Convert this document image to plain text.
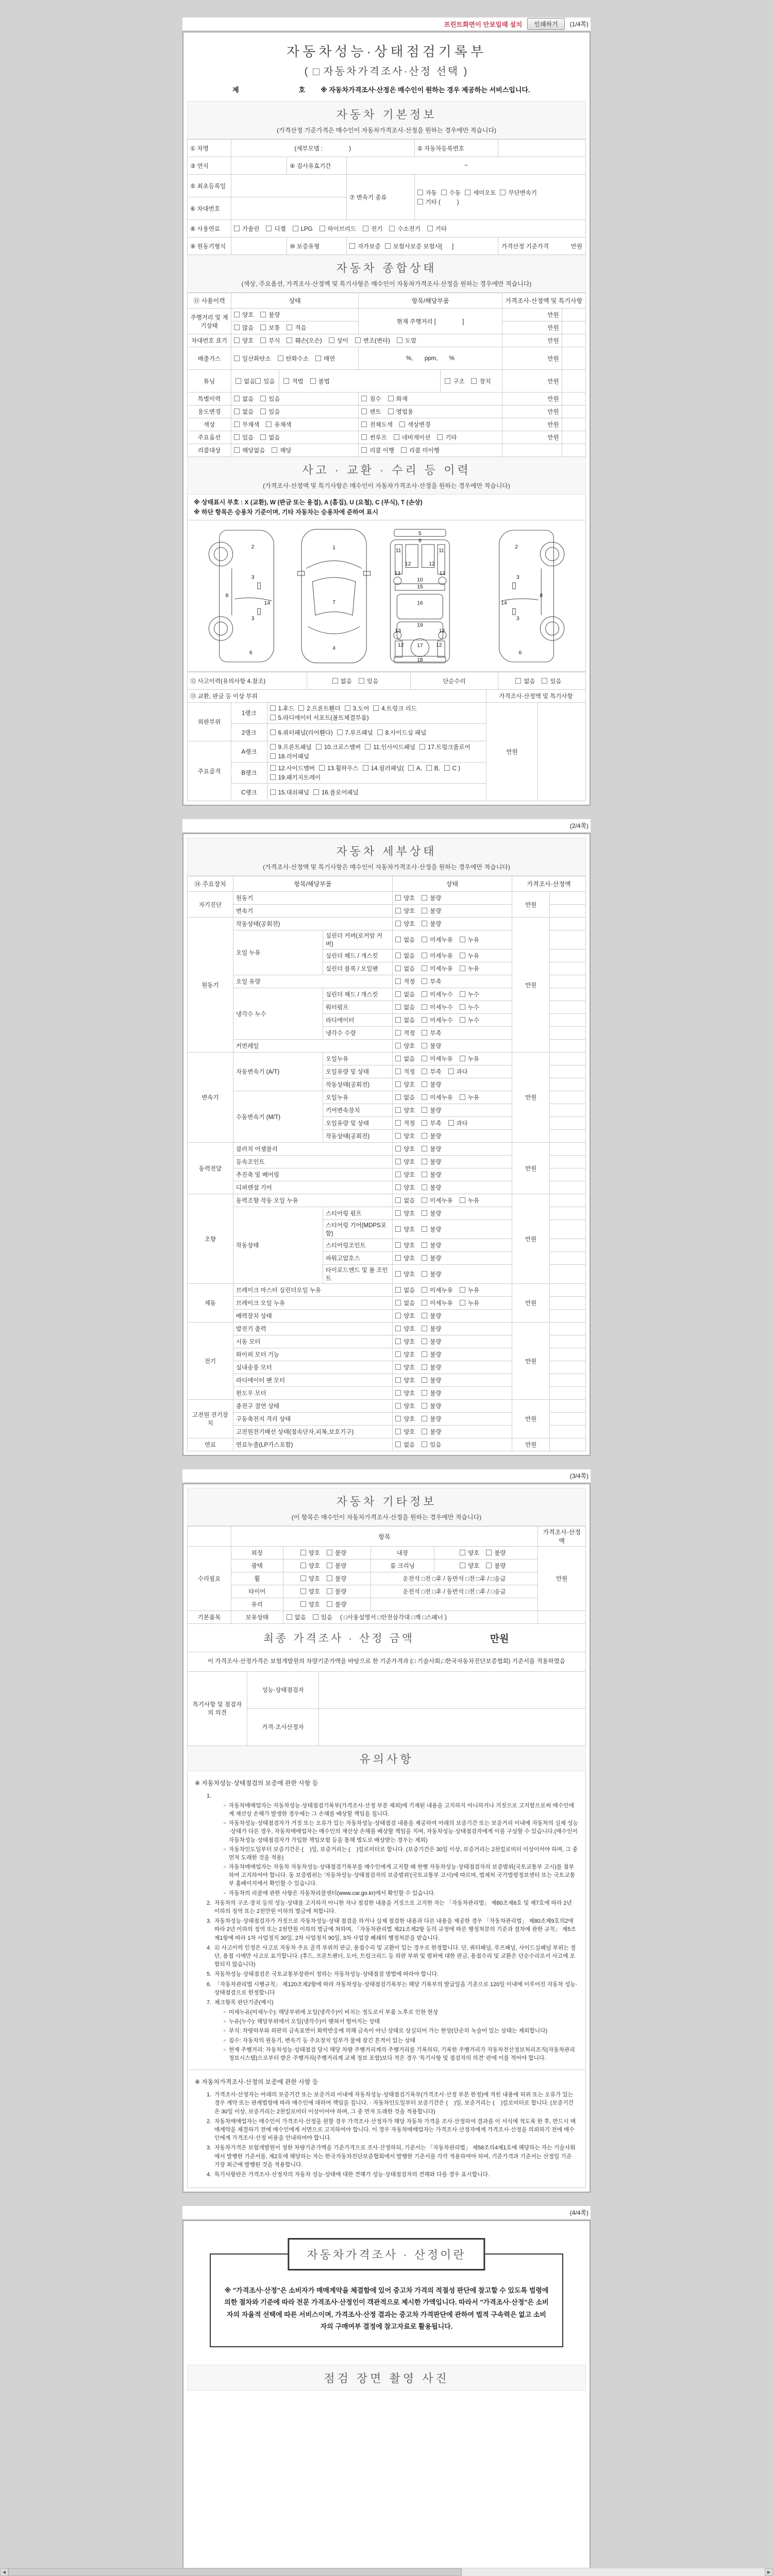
프린트화면이 안보일때 설치	인쇄하기	(1/4쪽)
자동차성능·상태점검기록부
( 자동차가격조사·산정 선택 )
제	호 ※ 자동차가격조사·산정은 매수인이 원하는 경우 제공하는 서비스입니다.
자동차 기본정보
(가격산정 기준가격은 매수인이 자동차가격조사·산정을 원하는 경우에만 적습니다)
① 차명	(세부모델 :                )			② 자동차등록번호	
③ 연식		④ 검사유효기간	~		
⑤ 최초등록일			⑦ 변속기 종류	자동 수동 세미오토 무단변속기기타 (          )	
⑥ 차대번호					
⑧ 사용연료	가솔린 디젤 LPG 하이브리드 전기 수소전기 기타				
⑨ 원동기형식		⑩ 보증유형	자가보증 보험사보증 보험사[      ]		가격산정 기준가격 만원
자동차 종합상태
(색상, 주요옵션, 가격조사·산정액 및 특기사항은 매수인이 자동차가격조사·산정을 원하는 경우에만 적습니다)
⑪ 사용이력	상태	항목/해당부품	가격조사·산정액 및 특기사항	
주행거리 및 계기상태	양호 불량	현재 주행거리 [                ]	만원	
	많음 보통 적음		만원	
차대번호 표기	양호 부식 훼손(오손) 상이 변조(변타) 도말		만원	
배출가스	일산화탄소 탄화수소 매연	%,       ppm,       %	만원	
튜닝	없음	있음	적법	불법	구조	장치	만원	
특별이력	없음 있음	침수 화재	만원	
용도변경	없음 있음	렌트 영업용	만원	
색상	무채색 유채색	전체도색 색상변경	만원	
주요옵션	있음 없음	썬루프 네비게이션 기타	만원	
리콜대상	해당없음 해당	리콜 이행 리콜 미이행		
사고 · 교환 · 수리 등 이력
(가격조사·산정액 및 특기사항은 매수인이 자동차가격조사·산정을 원하는 경우에만 적습니다)
※ 상태표시 부호 : X (교환), W (판금 또는 용접), A (흠집), U (요철), C (부식), T (손상)
※ 하단 항목은 승용차 기준이며, 기타 자동차는 승용차에 준하여 표시
2
8
3
14
3
6
1
7
4
5
9
11	11
12	12
13	13
10
15
16
19
13	13
12	12
17
18
2
8
3
14
3
6
⑫ 사고이력(유의사항 4.참조)	없음	있음	단순수리	없음	있음
⑬ 교환, 판금 등 이상 부위	가격조사·산정액 및 특기사항
외판부위	1랭크	1.후드 2.프론트휀더 3.도어 4.트렁크 리드5.라디에이터 서포트(볼트체결부품)	만원	
	2랭크	6.쿼터패널(리어휀다) 7.루프패널 8.사이드실 패널		
주요골격	A랭크	9.프론트패널 10.크로스멤버 11.인사이드패널 17.트렁크플로어18.리어패널		
	B랭크	12.사이드멤버 13.휠하우스 14.필러패널( A, B, C )19.패키지트레이		
	C랭크	15.대쉬패널 16.플로어패널		
(2/4쪽)
자동차 세부상태
(가격조사·산정액 및 특기사항은 매수인이 자동차가격조사·산정을 원하는 경우에만 적습니다)
⑭ 주요장치	항목/해당부품		상태	가격조사·산정액	
자기진단	원동기		양호 불량	만원	
	변속기		양호 불량		
원동기	작동상태(공회전)		양호 불량	만원	
	오일 누유	실린더 커버(로커암 커버)	없음 미세누유 누유		
		실린더 헤드 / 개스킷	없음 미세누유 누유		
		실린더 블록 / 오일팬	없음 미세누유 누유		
	오일 유량		적정 부족		
	냉각수 누수	실린더 헤드 / 개스킷	없음 미세누수 누수		
		워터펌프	없음 미세누수 누수		
		라디에이터	없음 미세누수 누수		
		냉각수 수량	적정 부족		
	커먼레일		양호 불량		
변속기	자동변속기 (A/T)	오일누유	없음 미세누유 누유	만원	
		오일유량 및 상태	적정 부족 과다		
		작동상태(공회전)	양호 불량		
	수동변속기 (M/T)	오일누유	없음 미세누유 누유		
		기어변속장치	양호 불량		
		오일유량 및 상태	적정 부족 과다		
		작동상태(공회전)	양호 불량		
동력전달	클러치 어셈블리		양호 불량	만원	
	등속조인트		양호 불량		
	추진축 및 베어링		양호 불량		
	디퍼렌셜 기어		양호 불량		
조향	동력조향 작동 오일 누유		없음 미세누유 누유	만원	
	작동상태	스티어링 펌프	양호 불량		
		스티어링 기어(MDPS포함)	양호 불량		
		스티어링조인트	양호 불량		
		파워고압호스	양호 불량		
		타이로드엔드 및 볼 조인트	양호 불량		
제동	브레이크 마스터 실린더오일 누유		없음 미세누유 누유	만원	
	브레이크 오일 누유		없음 미세누유 누유		
	배력장치 상태		양호 불량		
전기	발전기 출력		양호 불량	만원	
	시동 모터		양호 불량		
	와이퍼 모터 기능		양호 불량		
	실내송풍 모터		양호 불량		
	라디에이터 팬 모터		양호 불량		
	윈도우 모터		양호 불량		
고전원 전기장치	충전구 절연 상태		양호 불량	만원	
	구동축전지 격리 상태		양호 불량		
	고전원전기배선 상태(접속단자,피복,보호기구)		양호 불량		
연료	연료누출(LP가스포함)		없음 있음	만원	
(3/4쪽)
자동차 기타정보
(이 항목은 매수인이 자동차가격조사·산정을 원하는 경우에만 적습니다)
	항목				가격조사·산정액
수리필요	외장	양호 불량	내장	양호 불량	만원
	광택	양호 불량	룸 크리닝	양호 불량	
	휠	양호 불량	운전석 □전 □후 / 동반석 □전 □후 / □응급		
	타이어	양호 불량	운전석 □전 □후 / 동반석 □전 □후 / □응급		
	유리	양호 불량			
기본품목	보유상태	없음 있음 ( □사용설명서 □안전삼각대 □잭 □스패너 )			

최종 가격조사 · 산정 금액	만원
이 가격조사·산정가격은 보험개발원의 차량기준가액을 바탕으로 한 기준가격과 (□ 기술사회,□한국자동차진단보증협회) 기준서를 적용하였음
특기사항 및 점검자의 의견	성능·상태점검자	
	가격·조사산정자	
유의사항
※ 자동차성능·상태점검의 보증에 관한 사항 등
1.
▫ 자동차매매업자는 자동차성능·상태점검기록부(가격조사·산정 부분 제외)에 기재된 내용을 고지하지 아니하거나 거짓으로 고지함으로써 매수인에게 재산상 손해가 발생한 경우에는 그 손해를 배상할 책임을 집니다.
▫ 자동차성능·상태점검자가 거짓 또는 오류가 있는 자동차성능·상태점검 내용을 제공하여 아래의 보증기간 또는 보증거리 이내에 자동차의 실제 성능·상태가 다른 경우, 자동차매매업자는 매수인의 재산상 손해를 배상할 책임을 지며, 자동차성능·상태점검자에게 이를 구상할 수 있습니다.(매수인이 자동차성능·상태점검자가 가입한 책임보험 등을 통해 별도로 배상받는 경우는 제외)
▫ 자동차인도일부터 보증기간은 (    )일, 보증거리는 (    )킬로미터로 합니다. (보증기간은 30일 이상, 보증거리는 2천킬로미터 이상이어야 하며, 그 중 먼저 도래한 것을 적용)
▫ 자동차매매업자는 자동차 자동차성능·상태점검기록부를 매수인에게 고지할 때 현행 자동차성능·상태점검자의 보증범위(국토교통부 고시)를 첨부하여 고지하여야 합니다. 동 보증범위는 '자동차성능·상태점검자의 보증범위'(국토교통부 고시)에 따르며, 법제처 국가법령정보센터 또는 국토교통부 홈페이지에서 확인할 수 있습니다.
▫ 자동차의 리콜에 관한 사항은 자동차리콜센터(www.car.go.kr)에서 확인할 수 있습니다.
2. 자동차의 구조·장치 등의 성능·상태를 고지하지 아니한 자나 점검한 내용을 거짓으로 고지한 자는 「자동차관리법」 제80조제6호 및 제7호에 따라 2년 이하의 징역 또는 2천만원 이하의 벌금에 처합니다.
3. 자동차성능·상태점검자가 거짓으로 자동차성능·상태 점검을 하거나 실제 점검한 내용과 다른 내용을 제공한 경우 「자동차관리법」 제80조제9호의2에 따라 2년 이하의 징역 또는 2천만원 이하의 벌금에 처하며, 「자동차관리법 제21조제2항 등의 규정에 따른 행정처분의 기준과 절차에 관한 규칙」 제5조제1항에 따라 1차 사업정지 30일, 2차 사업정지 90일, 3차 사업장 폐쇄의 행정처분을 받습니다.
4. ⑫ 사고이력 인정은 사고로 자동차 주요 골격 부위의 판금, 용접수리 및 교환이 있는 경우로 한정합니다. 단, 쿼터패널, 루프패널, 사이드실패널 부위는 절단, 용접 시에만 사고로 표기합니다. (후드, 프론트펜더, 도어, 트렁크리드 등 외판 부위 및 범퍼에 대한 판금, 용접수리 및 교환은 단순수리로서 사고에 포함되지 않습니다)
5. 자동차성능·상태점검은 국토교통부장관이 정하는 자동차성능·상태점검 방법에 따라야 합니다.
6. 「자동차관리법 시행규칙」 제120조제2항에 따라 자동차성능·상태점검기록부는 해당 기록부의 발급일을 기준으로 120일 이내에 이루어진 자동차 성능·상태점검으로 한정합니다
7. 체크항목 판단기준(예시)
▫ 미세누유(미세누수): 해당부위에 오일(냉각수)이 비치는 정도로서 부품 노후로 인한 현상
▫ 누유(누수): 해당부위에서 오일(냉각수)이 맺혀서 떨어지는 상태
▫ 부식: 차량하부와 외판의 금속표면이 화학반응에 의해 금속이 아닌 상태로 상실되어 가는 현상(단순히 녹슬어 있는 상태는 제외합니다)
▫ 침수: 자동차의 원동기, 변속기 등 주요장치 일부가 물에 잠긴 흔적이 있는 상태
▫ 현재 주행거리: 자동차성능·상태점검 당시 해당 차량 주행거리계의 주행거리를 기록하되, 기록한 주행거리가 자동차전산정보처리조직(자동차관리정보시스템)으로부터 받은 주행거리(주행거리계 교체 정보 포함)보다 적은 경우 '특기사항 및 점검자의 의견' 란에 이를 적어야 합니다.
※ 자동차가격조사·산정의 보증에 관한 사항 등
1. 가격조사·산정자는 아래의 보증기간 또는 보증거리 이내에 자동차성능·상태점검기록부(가격조사·산정 부분 한정)에 적힌 내용에 허위 또는 오류가 있는 경우 계약 또는 관계법령에 따라 매수인에 대하여 책임을 집니다. · 자동차인도일부터 보증기간은 (    )일, 보증거리는 (    )킬로미터로 합니다. (보증기간은 30일 이상, 보증거리는 2천킬로미터 이상이어야 하며, 그 중 먼저 도래한 것을 적용합니다)
2. 자동차매매업자는 매수인이 가격조사·산정을 원할 경우 가격조사·산정자가 해당 자동차 가격을 조사·산정하여 결과를 이 서식에 적도록 한 후, 반드시 매매계약을 체결하기 전에 매수인에게 서면으로 고지하여야 합니다. 이 경우 자동차매매업자는 가격조사·산정자에게 가격조사·산정을 의뢰하기 전에 매수인에게 가격조사·산정 비용을 안내하여야 합니다.
3. 자동차가격은 보험개발원이 정한 차량기준가액을 기준가격으로 조사·산정하되, 기준서는 「자동차관리법」 제58조의4제1호에 해당하는 자는 기술사회에서 발행한 기준서를, 제2호에 해당하는 자는 한국자동차진단보증협회에서 발행한 기준서를 각각 적용하여야 하며, 기준가격과 기준서는 산정일 기준 가장 최근에 발행된 것을 적용합니다.
4. 특기사항란은 가격조사·산정자의 자동차 성능·상태에 대한 견해가 성능·상태점검자의 견해와 다를 경우 표시합니다.
(4/4쪽)
자동차가격조사 · 산정이란
※ "가격조사·산정"은 소비자가 매매계약을 체결함에 있어 중고차 가격의 적절성 판단에 참고할 수 있도록 법령에 의한 절차와 기준에 따라 전문 가격조사·산정인이 객관적으로 제시한 가액입니다. 따라서 "가격조사·산정"은 소비자의 자율적 선택에 따른 서비스이며, 가격조사·산정 결과는 중고차 가격판단에 관하여 법적 구속력은 없고 소비자의 구매여부 결정에 참고자료로 활용됩니다.
점검 장면 촬영 사진

◀	▶
